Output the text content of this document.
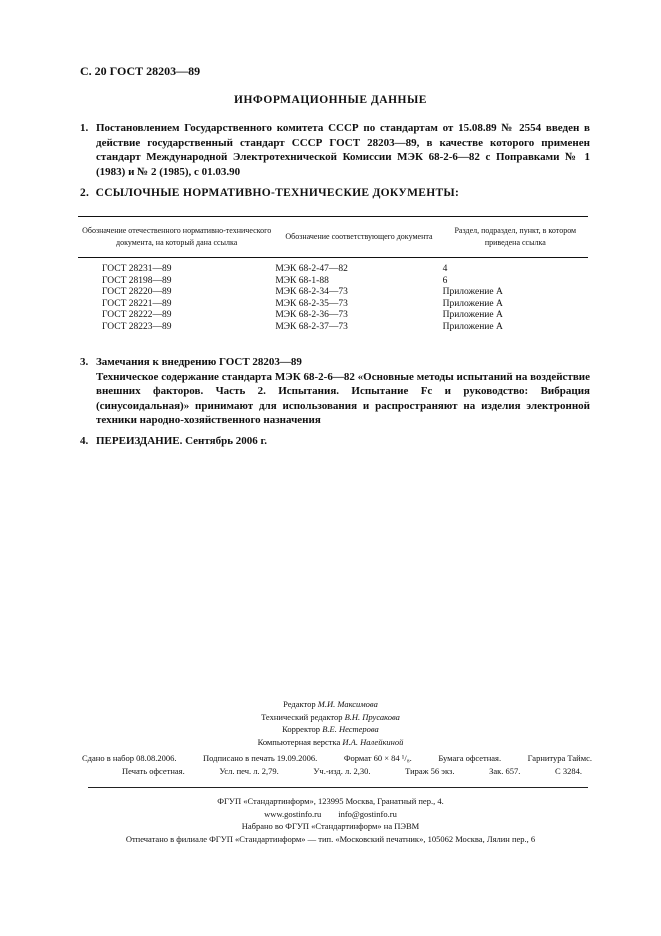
С. 20 ГОСТ 28203—89
ИНФОРМАЦИОННЫЕ ДАННЫЕ
1. Постановлением Государственного комитета СССР по стандартам от 15.08.89 № 2554 введен в действие государственный стандарт СССР ГОСТ 28203—89, в качестве которого применен стандарт Международной Электротехнической Комиссии МЭК 68-2-6—82 с Поправками № 1 (1983) и № 2 (1985), с 01.03.90
2. ССЫЛОЧНЫЕ НОРМАТИВНО-ТЕХНИЧЕСКИЕ ДОКУМЕНТЫ:
Обозначение отечественного нормативно-технического документа, на который дана ссылка	Обозначение соответствующего документа	Раздел, подраздел, пункт, в котором приведена ссылка
ГОСТ 28231—89	МЭК 68-2-47—82	4
ГОСТ 28198—89	МЭК 68-1-88	6
ГОСТ 28220—89	МЭК 68-2-34—73	Приложение А
ГОСТ 28221—89	МЭК 68-2-35—73	Приложение А
ГОСТ 28222—89	МЭК 68-2-36—73	Приложение А
ГОСТ 28223—89	МЭК 68-2-37—73	Приложение А
3. Замечания к внедрению ГОСТ 28203—89
Техническое содержание стандарта МЭК 68-2-6—82 «Основные методы испытаний на воздействие внешних факторов. Часть 2. Испытания. Испытание Fc и руководство: Вибрация (синусоидальная)» принимают для использования и распространяют на изделия электронной техники народно-хозяйственного назначения
4. ПЕРЕИЗДАНИЕ. Сентябрь 2006 г.
Редактор М.И. Максимова
Технический редактор В.Н. Прусакова
Корректор В.Е. Нестерова
Компьютерная верстка И.А. Налейкиной
Сдано в набор 08.08.2006.	Подписано в печать 19.09.2006.	Формат 60 × 84 ¹/₈.	Бумага офсетная.	Гарнитура Таймс.
Печать офсетная.	Усл. печ. л. 2,79.	Уч.-изд. л. 2,30.	Тираж 56 экз.	Зак. 657.	С 3284.
ФГУП «Стандартинформ», 123995 Москва, Гранатный пер., 4.
www.gostinfo.ru        info@gostinfo.ru
Набрано во ФГУП «Стандартинформ» на ПЭВМ
Отпечатано в филиале ФГУП «Стандартинформ» — тип. «Московский печатник», 105062 Москва, Лялин пер., 6
